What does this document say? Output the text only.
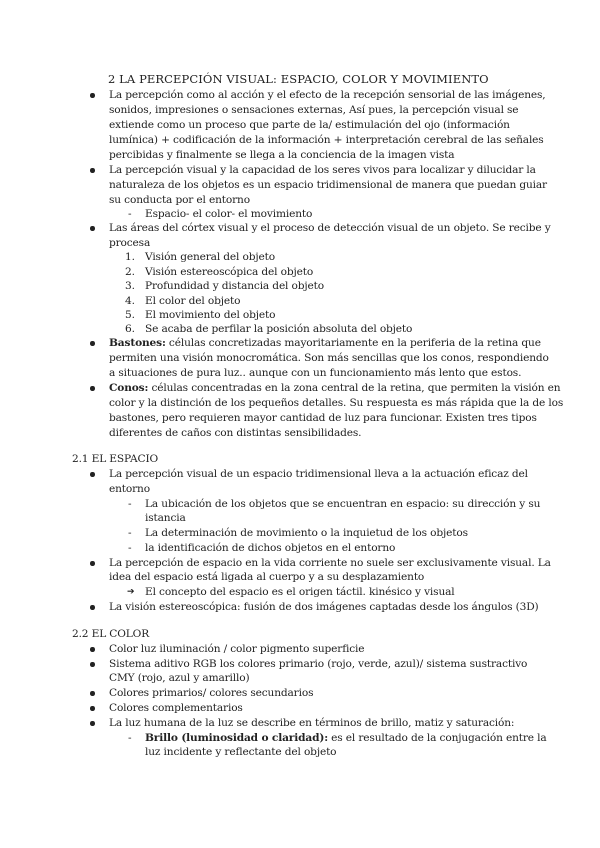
2 LA PERCEPCIÓN VISUAL: ESPACIO, COLOR Y MOVIMIENTO
La percepción como al acción y el efecto de la recepción sensorial de las imágenes,
sonidos, impresiones o sensaciones externas, Así pues, la percepción visual se
extiende como un proceso que parte de la/ estimulación del ojo (información
lumínica) + codificación de la información + interpretación cerebral de las señales
percibidas y finalmente se llega a la conciencia de la imagen vista
La percepción visual y la capacidad de los seres vivos para localizar y dilucidar la
naturaleza de los objetos es un espacio tridimensional de manera que puedan guiar
su conducta por el entorno
- Espacio- el color- el movimiento
Las áreas del córtex visual y el proceso de detección visual de un objeto. Se recibe y
procesa
1. Visión general del objeto
2. Visión estereoscópica del objeto
3. Profundidad y distancia del objeto
4. El color del objeto
5. El movimiento del objeto
6. Se acaba de perfilar la posición absoluta del objeto
Bastones: células concretizadas mayoritariamente en la periferia de la retina que
permiten una visión monocromática. Son más sencillas que los conos, respondiendo
a situaciones de pura luz.. aunque con un funcionamiento más lento que estos.
Conos: células concentradas en la zona central de la retina, que permiten la visión en
color y la distinción de los pequeños detalles. Su respuesta es más rápida que la de los
bastones, pero requieren mayor cantidad de luz para funcionar. Existen tres tipos
diferentes de caños con distintas sensibilidades.
2.1 EL ESPACIO
La percepción visual de un espacio tridimensional lleva a la actuación eficaz del
entorno
- La ubicación de los objetos que se encuentran en espacio: su dirección y su
istancia
- La determinación de movimiento o la inquietud de los objetos
- la identificación de dichos objetos en el entorno
La percepción de espacio en la vida corriente no suele ser exclusivamente visual. La
idea del espacio está ligada al cuerpo y a su desplazamiento
➔ El concepto del espacio es el origen táctil. kinésico y visual
La visión estereoscópica: fusión de dos imágenes captadas desde los ángulos (3D)
2.2 EL COLOR
Color luz iluminación / color pigmento superficie
Sistema aditivo RGB los colores primario (rojo, verde, azul)/ sistema sustractivo
CMY (rojo, azul y amarillo)
Colores primarios/ colores secundarios
Colores complementarios
La luz humana de la luz se describe en términos de brillo, matiz y saturación:
- Brillo (luminosidad o claridad): es el resultado de la conjugación entre la
luz incidente y reflectante del objeto
